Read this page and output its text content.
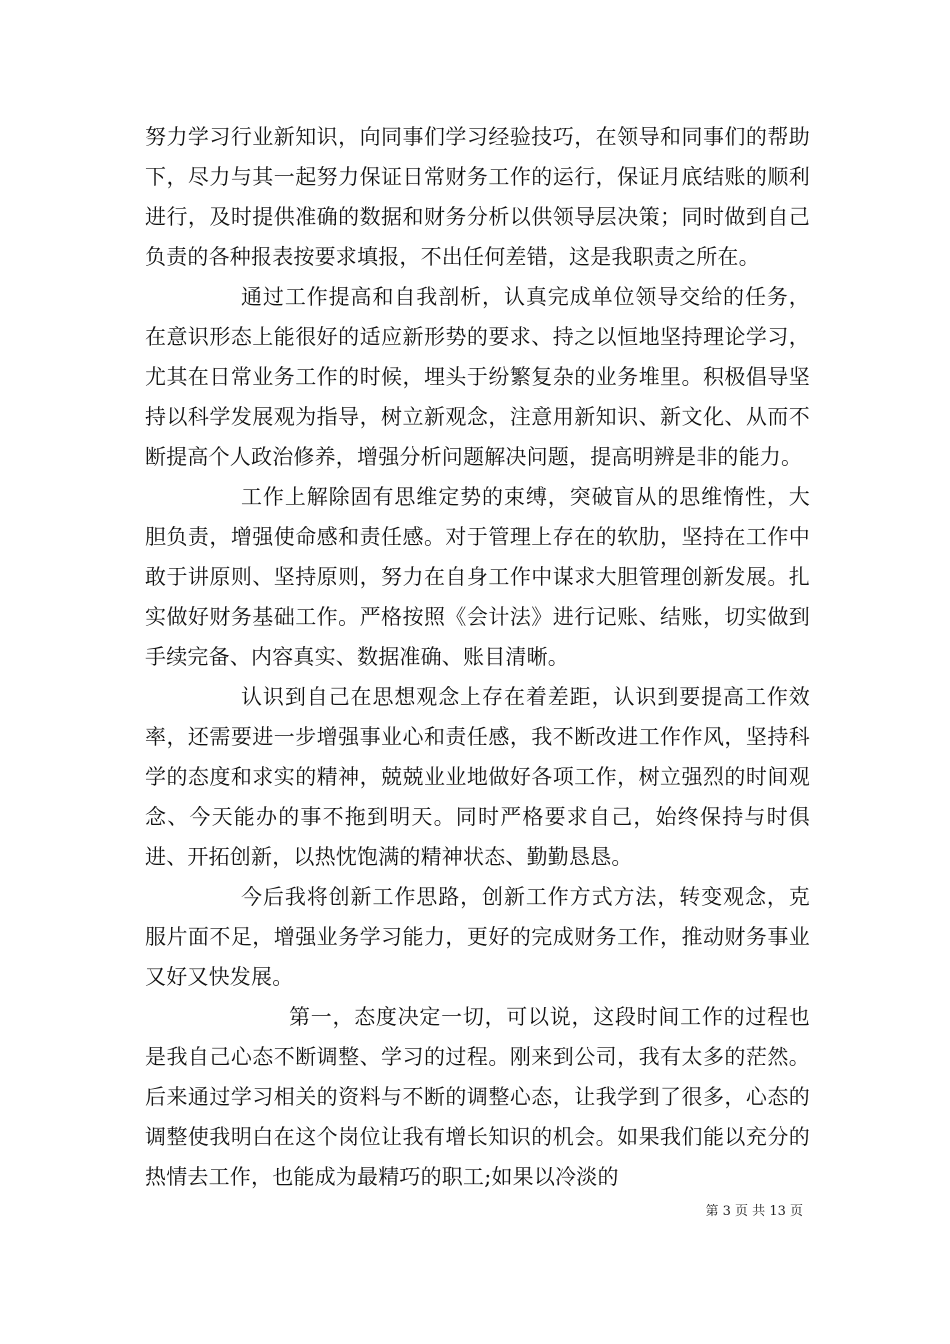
努力学习行业新知识，向同事们学习经验技巧，在领导和同事们的帮助下，尽力与其一起努力保证日常财务工作的运行，保证月底结账的顺利进行，及时提供准确的数据和财务分析以供领导层决策；同时做到自己负责的各种报表按要求填报，不出任何差错，这是我职责之所在。

通过工作提高和自我剖析，认真完成单位领导交给的任务，在意识形态上能很好的适应新形势的要求、持之以恒地坚持理论学习，尤其在日常业务工作的时候，埋头于纷繁复杂的业务堆里。积极倡导坚持以科学发展观为指导，树立新观念，注意用新知识、新文化、从而不断提高个人政治修养，增强分析问题解决问题，提高明辨是非的能力。

工作上解除固有思维定势的束缚，突破盲从的思维惰性，大胆负责，增强使命感和责任感。对于管理上存在的软肋，坚持在工作中敢于讲原则、坚持原则，努力在自身工作中谋求大胆管理创新发展。扎实做好财务基础工作。严格按照《会计法》进行记账、结账，切实做到手续完备、内容真实、数据准确、账目清晰。

认识到自己在思想观念上存在着差距，认识到要提高工作效率，还需要进一步增强事业心和责任感，我不断改进工作作风，坚持科学的态度和求实的精神，兢兢业业地做好各项工作，树立强烈的时间观念、今天能办的事不拖到明天。同时严格要求自己，始终保持与时俱进、开拓创新，以热忱饱满的精神状态、勤勤恳恳。

今后我将创新工作思路，创新工作方式方法，转变观念，克服片面不足，增强业务学习能力，更好的完成财务工作，推动财务事业又好又快发展。

第一，态度决定一切，可以说，这段时间工作的过程也是我自己心态不断调整、学习的过程。刚来到公司，我有太多的茫然。后来通过学习相关的资料与不断的调整心态，让我学到了很多，心态的调整使我明白在这个岗位让我有增长知识的机会。如果我们能以充分的热情去工作，也能成为最精巧的职工;如果以冷淡的

第 3 页 共 13 页
